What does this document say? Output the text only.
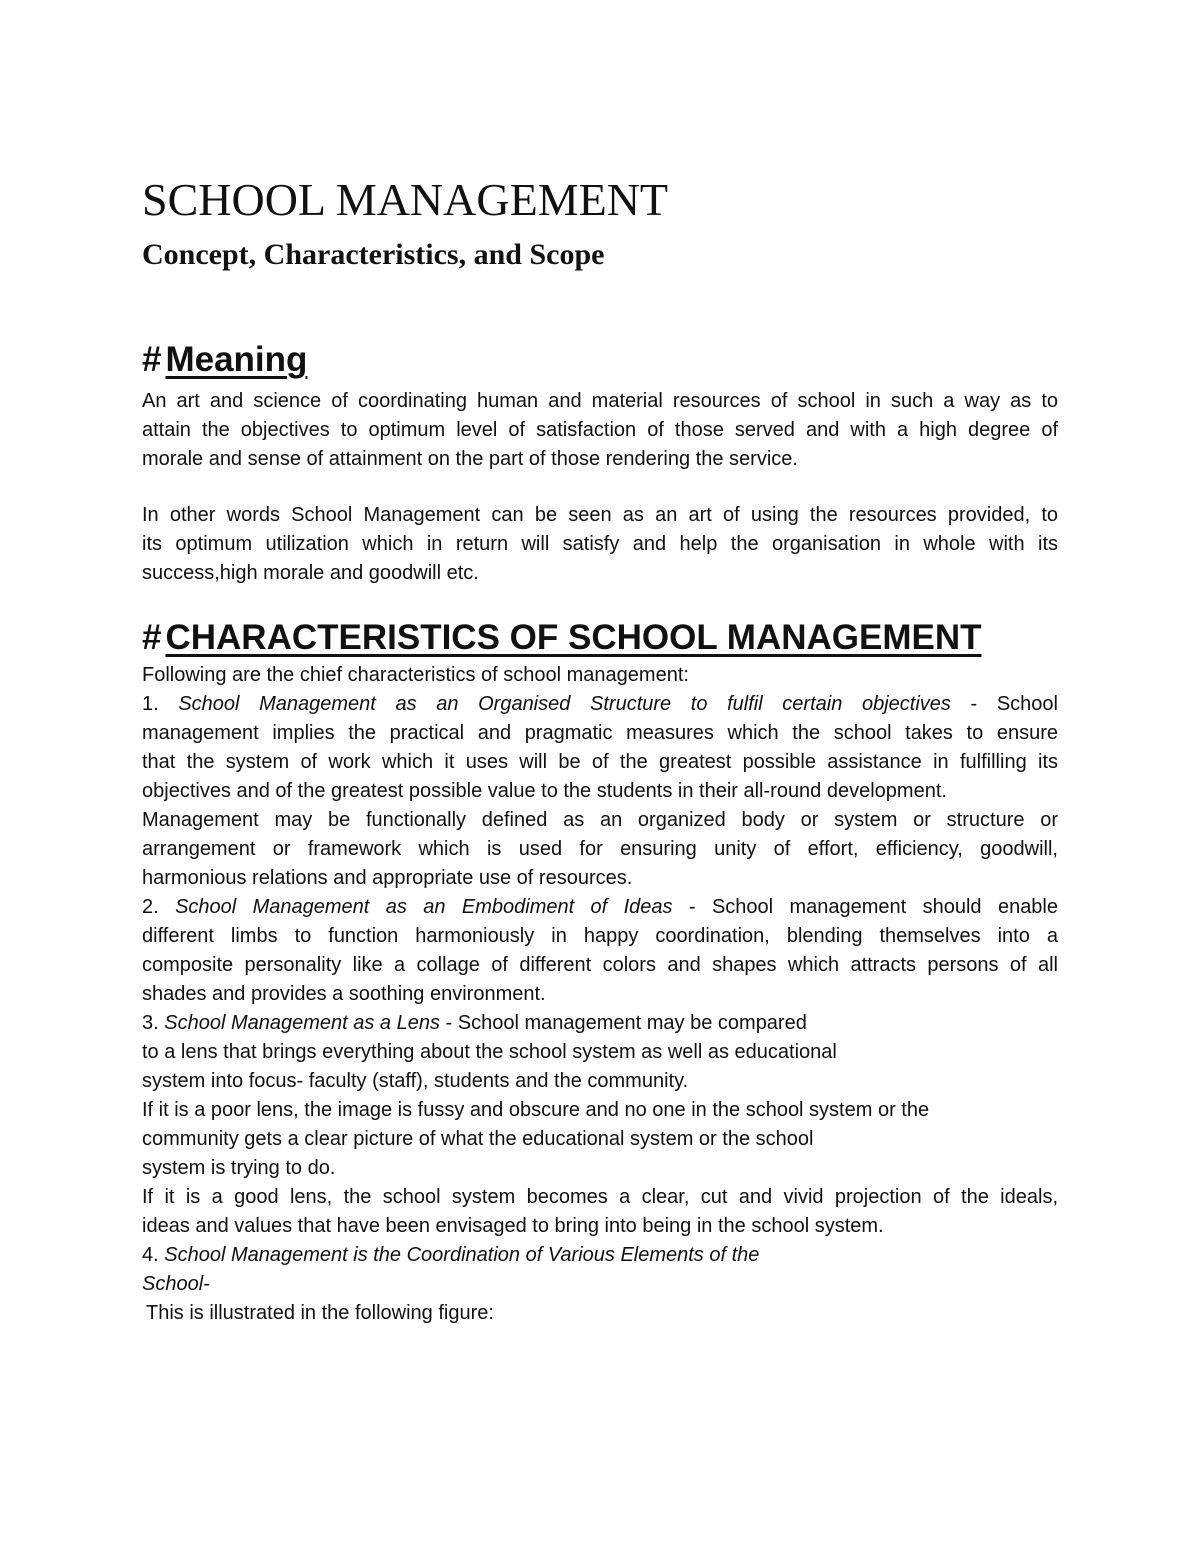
SCHOOL MANAGEMENT
Concept, Characteristics, and Scope
# Meaning
An art and science of coordinating human and material resources of school in such a way as to
attain the objectives to optimum level of satisfaction of those served and with a high degree of
morale and sense of attainment on the part of those rendering the service.
In other words School Management can be seen as an art of using the resources provided, to
its optimum utilization which in return will satisfy and help the organisation in whole with its
success,high morale and goodwill etc.
# CHARACTERISTICS OF SCHOOL MANAGEMENT
Following are the chief characteristics of school management:
1. School Management as an Organised Structure to fulfil certain objectives - School
management implies the practical and pragmatic measures which the school takes to ensure
that the system of work which it uses will be of the greatest possible assistance in fulfilling its
objectives and of the greatest possible value to the students in their all-round development.
Management may be functionally defined as an organized body or system or structure or
arrangement or framework which is used for ensuring unity of effort, efficiency, goodwill,
harmonious relations and appropriate use of resources.
2. School Management as an Embodiment of Ideas - School management should enable
different limbs to function harmoniously in happy coordination, blending themselves into a
composite personality like a collage of different colors and shapes which attracts persons of all
shades and provides a soothing environment.
3. School Management as a Lens - School management may be compared
to a lens that brings everything about the school system as well as educational
system into focus- faculty (staff), students and the community.
If it is a poor lens, the image is fussy and obscure and no one in the school system or the
community gets a clear picture of what the educational system or the school
system is trying to do.
If it is a good lens, the school system becomes a clear, cut and vivid projection of the ideals,
ideas and values that have been envisaged to bring into being in the school system.
4. School Management is the Coordination of Various Elements of the
School-
This is illustrated in the following figure:
